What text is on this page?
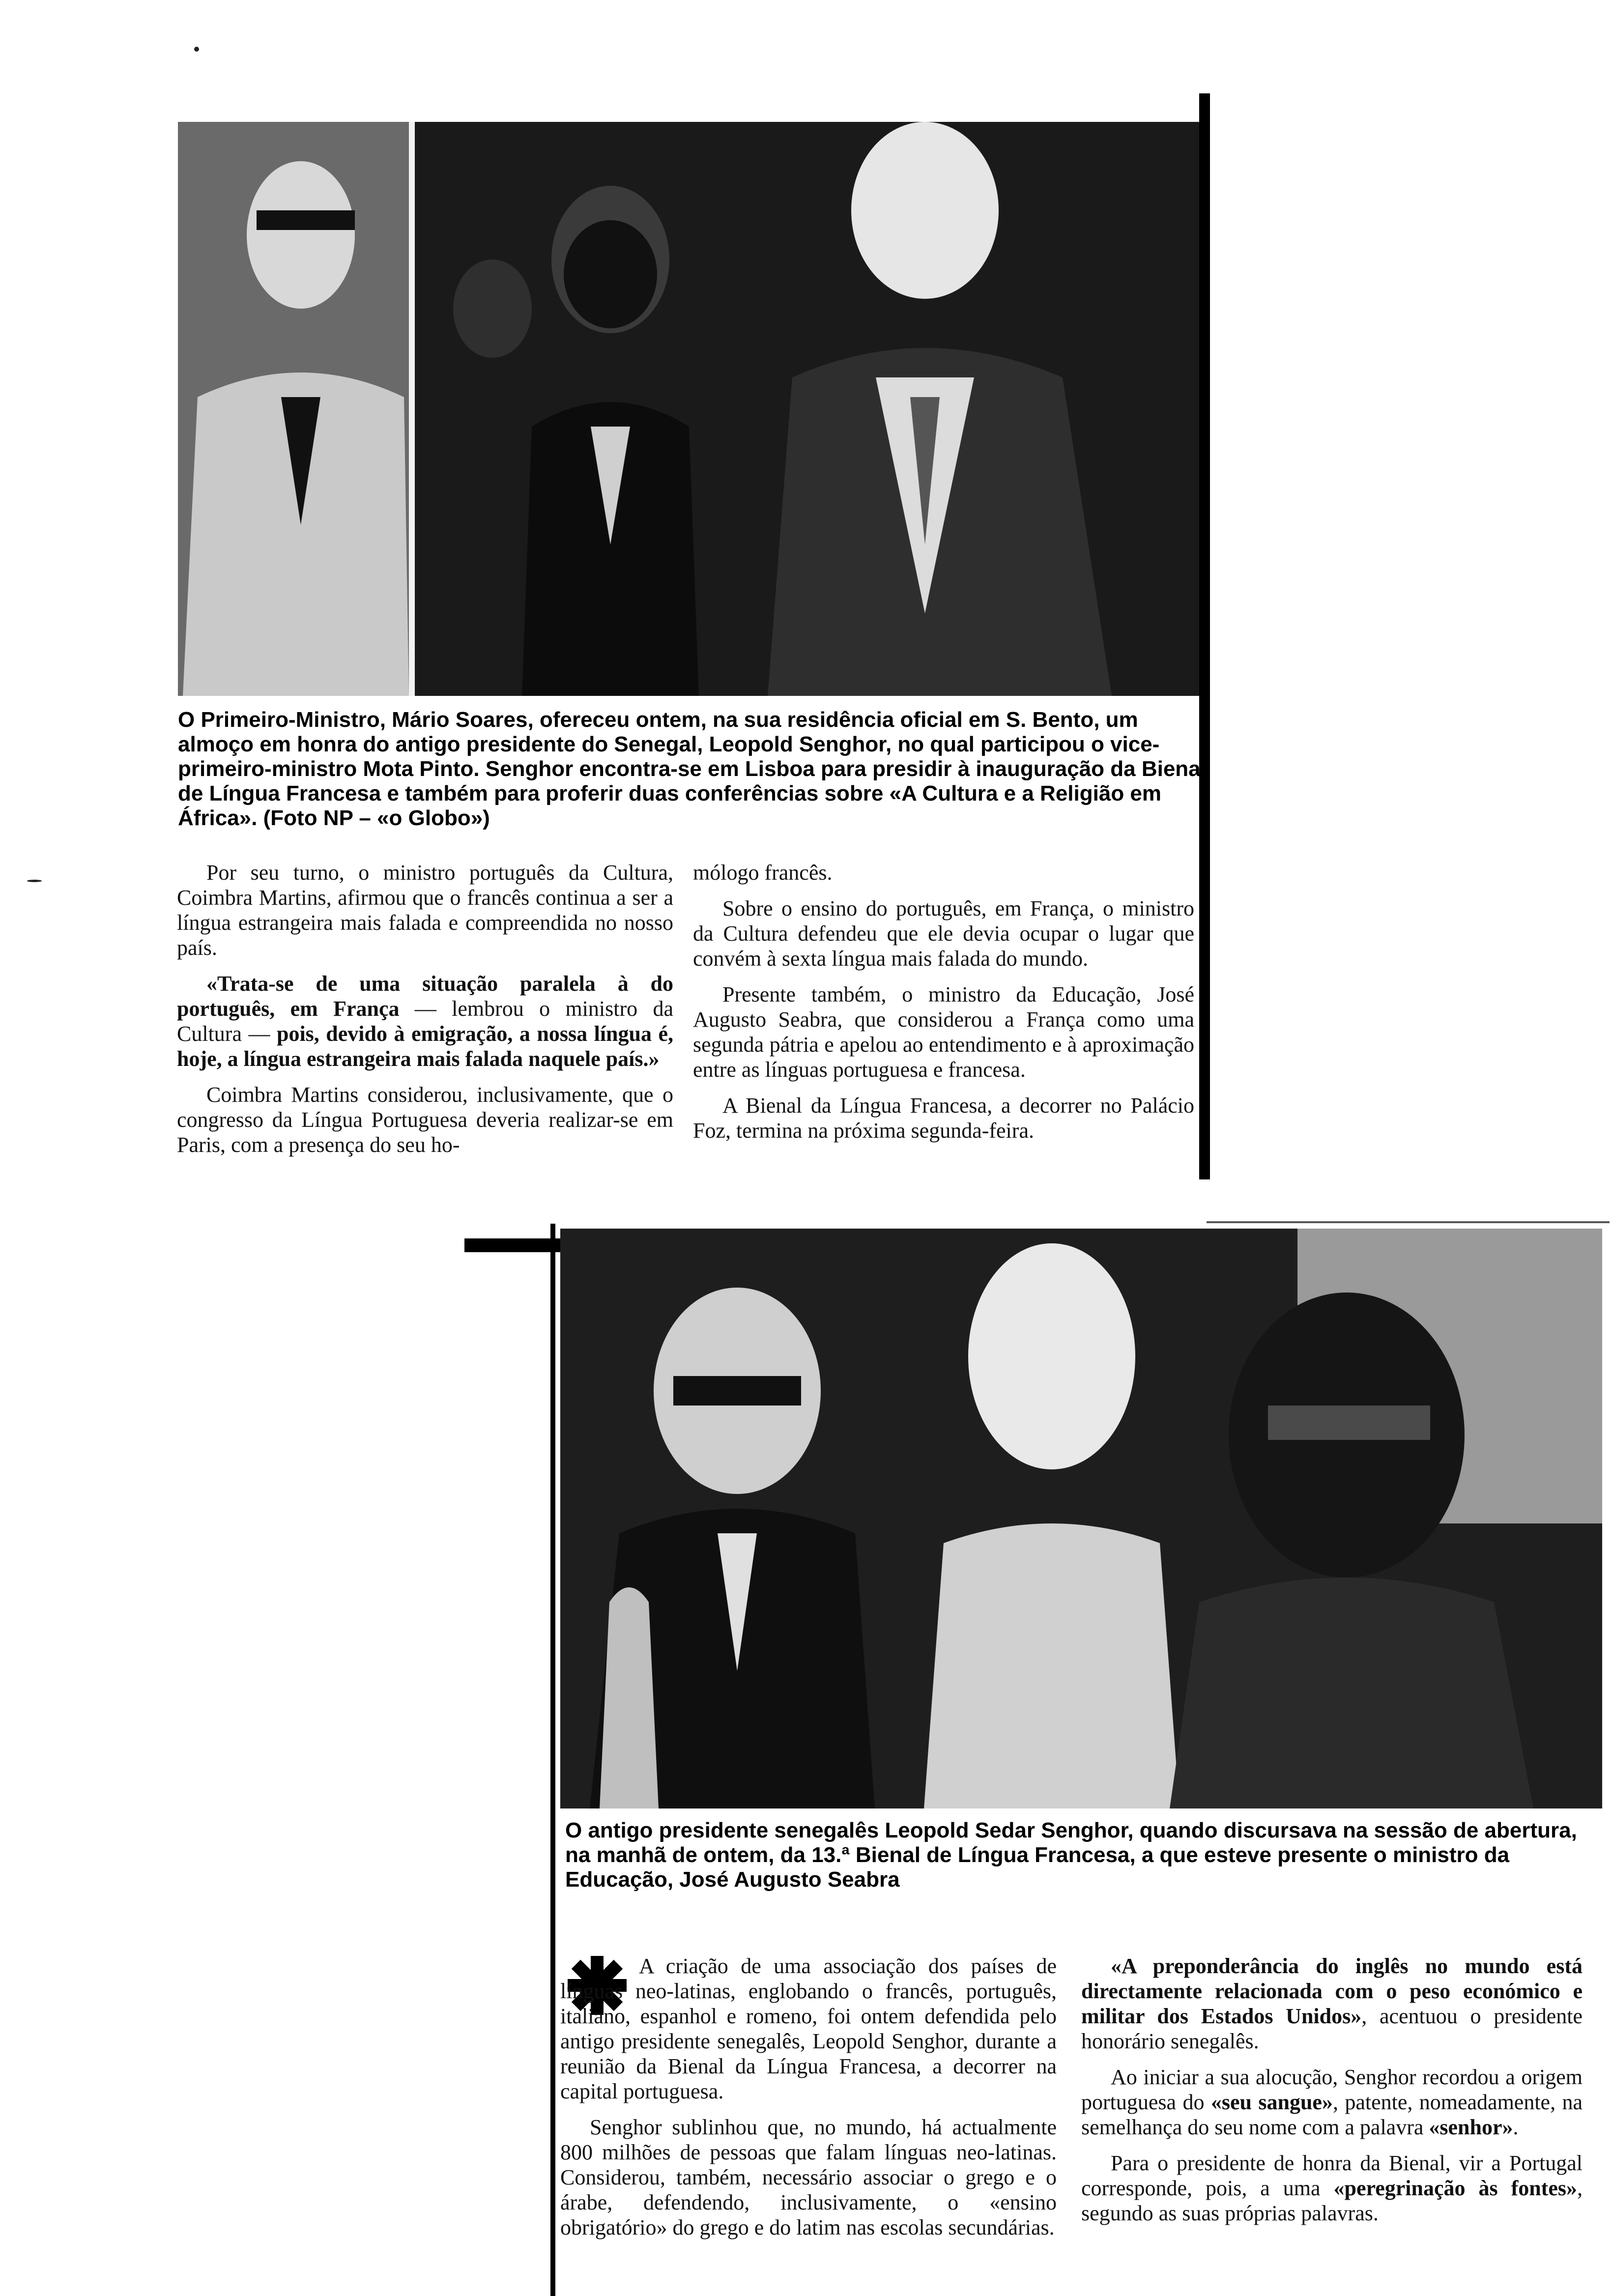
O Primeiro-Ministro, Mário Soares, ofereceu ontem, na sua residência oficial em S. Bento, um almoço em honra do antigo presidente do Senegal, Leopold Senghor, no qual participou o vice-primeiro-ministro Mota Pinto. Senghor encontra-se em Lisboa para presidir à inauguração da Bienal de Língua Francesa e também para proferir duas conferências sobre «A Cultura e a Religião em África». (Foto NP – «o Globo»)

Por seu turno, o ministro português da Cultura, Coimbra Martins, afirmou que o francês continua a ser a língua estrangeira mais falada e compreendida no nosso país.

«Trata-se de uma situação paralela à do português, em França — lembrou o ministro da Cultura — pois, devido à emigração, a nossa língua é, hoje, a língua estrangeira mais falada naquele país.»

Coimbra Martins considerou, inclusivamente, que o congresso da Língua Portuguesa deveria realizar-se em Paris, com a presença do seu ho-

mólogo francês.

Sobre o ensino do português, em França, o ministro da Cultura defendeu que ele devia ocupar o lugar que convém à sexta língua mais falada do mundo.

Presente também, o ministro da Educação, José Augusto Seabra, que considerou a França como uma segunda pátria e apelou ao entendimento e à aproximação entre as línguas portuguesa e francesa.

A Bienal da Língua Francesa, a decorrer no Palácio Foz, termina na próxima segunda-feira.

O antigo presidente senegalês Leopold Sedar Senghor, quando discursava na sessão de abertura, na manhã de ontem, da 13.ª Bienal de Língua Francesa, a que esteve presente o ministro da Educação, José Augusto Seabra

A criação de uma associação dos países de línguas neo-latinas, englobando o francês, português, italiano, espanhol e romeno, foi ontem defendida pelo antigo presidente senegalês, Leopold Senghor, durante a reunião da Bienal da Língua Francesa, a decorrer na capital portuguesa.

Senghor sublinhou que, no mundo, há actualmente 800 milhões de pessoas que falam línguas neo-latinas. Considerou, também, necessário associar o grego e o árabe, defendendo, inclusivamente, o «ensino obrigatório» do grego e do latim nas escolas secundárias.

«A preponderância do inglês no mundo está directamente relacionada com o peso económico e militar dos Estados Unidos», acentuou o presidente honorário senegalês.

Ao iniciar a sua alocução, Senghor recordou a origem portuguesa do «seu sangue», patente, nomeadamente, na semelhança do seu nome com a palavra «senhor».

Para o presidente de honra da Bienal, vir a Portugal corresponde, pois, a uma «peregrinação às fontes», segundo as suas próprias palavras.
